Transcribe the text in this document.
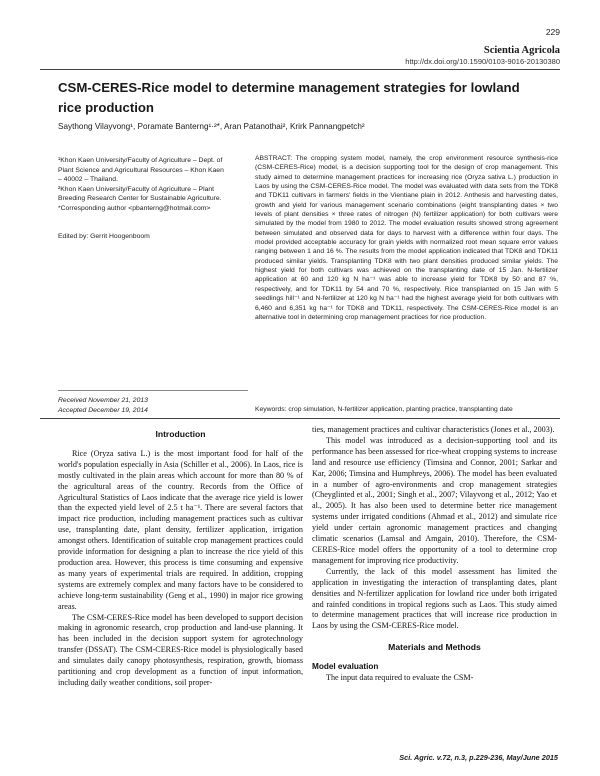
229
Scientia Agricola
http://dx.doi.org/10.1590/0103-9016-20130380
CSM-CERES-Rice model to determine management strategies for lowland rice production
Saythong Vilayvong¹, Poramate Banterng¹·²*, Aran Patanothai², Krirk Pannangpetch²
¹Khon Kaen University/Faculty of Agriculture – Dept. of Plant Science and Agricultural Resources – Khon Kaen – 40002 – Thailand.
²Khon Kaen University/Faculty of Agriculture – Plant Breeding Research Center for Sustainable Agriculture.
*Corresponding author <pbanterng@hotmail.com>
Edited by: Gerrit Hoogenboom
ABSTRACT: The cropping system model, namely, the crop environment resource synthesis-rice (CSM-CERES-Rice) model, is a decision supporting tool for the design of crop management. This study aimed to determine management practices for increasing rice (Oryza sativa L.) production in Laos by using the CSM-CERES-Rice model. The model was evaluated with data sets from the TDK8 and TDK11 cultivars in farmers' fields in the Vientiane plain in 2012. Anthesis and harvesting dates, growth and yield for various management scenario combinations (eight transplanting dates × two levels of plant densities × three rates of nitrogen (N) fertilizer application) for both cultivars were simulated by the model from 1980 to 2012. The model evaluation results showed strong agreement between simulated and observed data for days to harvest with a difference within four days. The model provided acceptable accuracy for grain yields with normalized root mean square error values ranging between 1 and 16 %. The results from the model application indicated that TDK8 and TDK11 produced similar yields. Transplanting TDK8 with two plant densities produced similar yields. The highest yield for both cultivars was achieved on the transplanting date of 15 Jan. N-fertilizer application at 60 and 120 kg N ha⁻¹ was able to increase yield for TDK8 by 50 and 87 %, respectively, and for TDK11 by 54 and 70 %, respectively. Rice transplanted on 15 Jan with 5 seedlings hill⁻¹ and N-fertilizer at 120 kg N ha⁻¹ had the highest average yield for both cultivars with 6,460 and 6,351 kg ha⁻¹ for TDK8 and TDK11, respectively. The CSM-CERES-Rice model is an alternative tool in determining crop management practices for rice production.
Received November 21, 2013
Accepted December 19, 2014	Keywords: crop simulation, N-fertilizer application, planting practice, transplanting date
Introduction

Rice (Oryza sativa L.) is the most important food for half of the world's population especially in Asia (Schiller et al., 2006). In Laos, rice is mostly cultivated in the plain areas which account for more than 80 % of the agricultural areas of the country. Records from the Office of Agricultural Statistics of Laos indicate that the average rice yield is lower than the expected yield level of 2.5 t ha⁻¹. There are several factors that impact rice production, including management practices such as cultivar use, transplanting date, plant density, fertilizer application, irrigation amongst others. Identification of suitable crop management practices could provide information for designing a plan to increase the rice yield of this production area. However, this process is time consuming and expensive as many years of experimental trials are required. In addition, cropping systems are extremely complex and many factors have to be considered to achieve long-term sustainability (Geng et al., 1990) in major rice growing areas.

The CSM-CERES-Rice model has been developed to support decision making in agronomic research, crop production and land-use planning. It has been included in the decision support system for agrotechnology transfer (DSSAT). The CSM-CERES-Rice model is physiologically based and simulates daily canopy photosynthesis, respiration, growth, biomass partitioning and crop development as a function of input information, including daily weather conditions, soil proper-

ties, management practices and cultivar characteristics (Jones et al., 2003).

This model was introduced as a decision-supporting tool and its performance has been assessed for rice-wheat cropping systems to increase land and resource use efficiency (Timsina and Connor, 2001; Sarkar and Kar, 2006; Timsina and Humphreys, 2006). The model has been evaluated in a number of agro-environments and crop management strategies (Cheyglinted et al., 2001; Singh et al., 2007; Vilayvong et al., 2012; Yao et al., 2005). It has also been used to determine better rice management systems under irrigated conditions (Ahmad et al., 2012) and simulate rice yield under certain agronomic management practices and changing climatic scenarios (Lamsal and Amgain, 2010). Therefore, the CSM-CERES-Rice model offers the opportunity of a tool to determine crop management for improving rice productivity.

Currently, the lack of this model assessment has limited the application in investigating the interaction of transplanting dates, plant densities and N-fertilizer application for lowland rice under both irrigated and rainfed conditions in tropical regions such as Laos. This study aimed to determine management practices that will increase rice production in Laos by using the CSM-CERES-Rice model.

Materials and Methods
Model evaluation

The input data required to evaluate the CSM-

Sci. Agric. v.72, n.3, p.229-236, May/June 2015
